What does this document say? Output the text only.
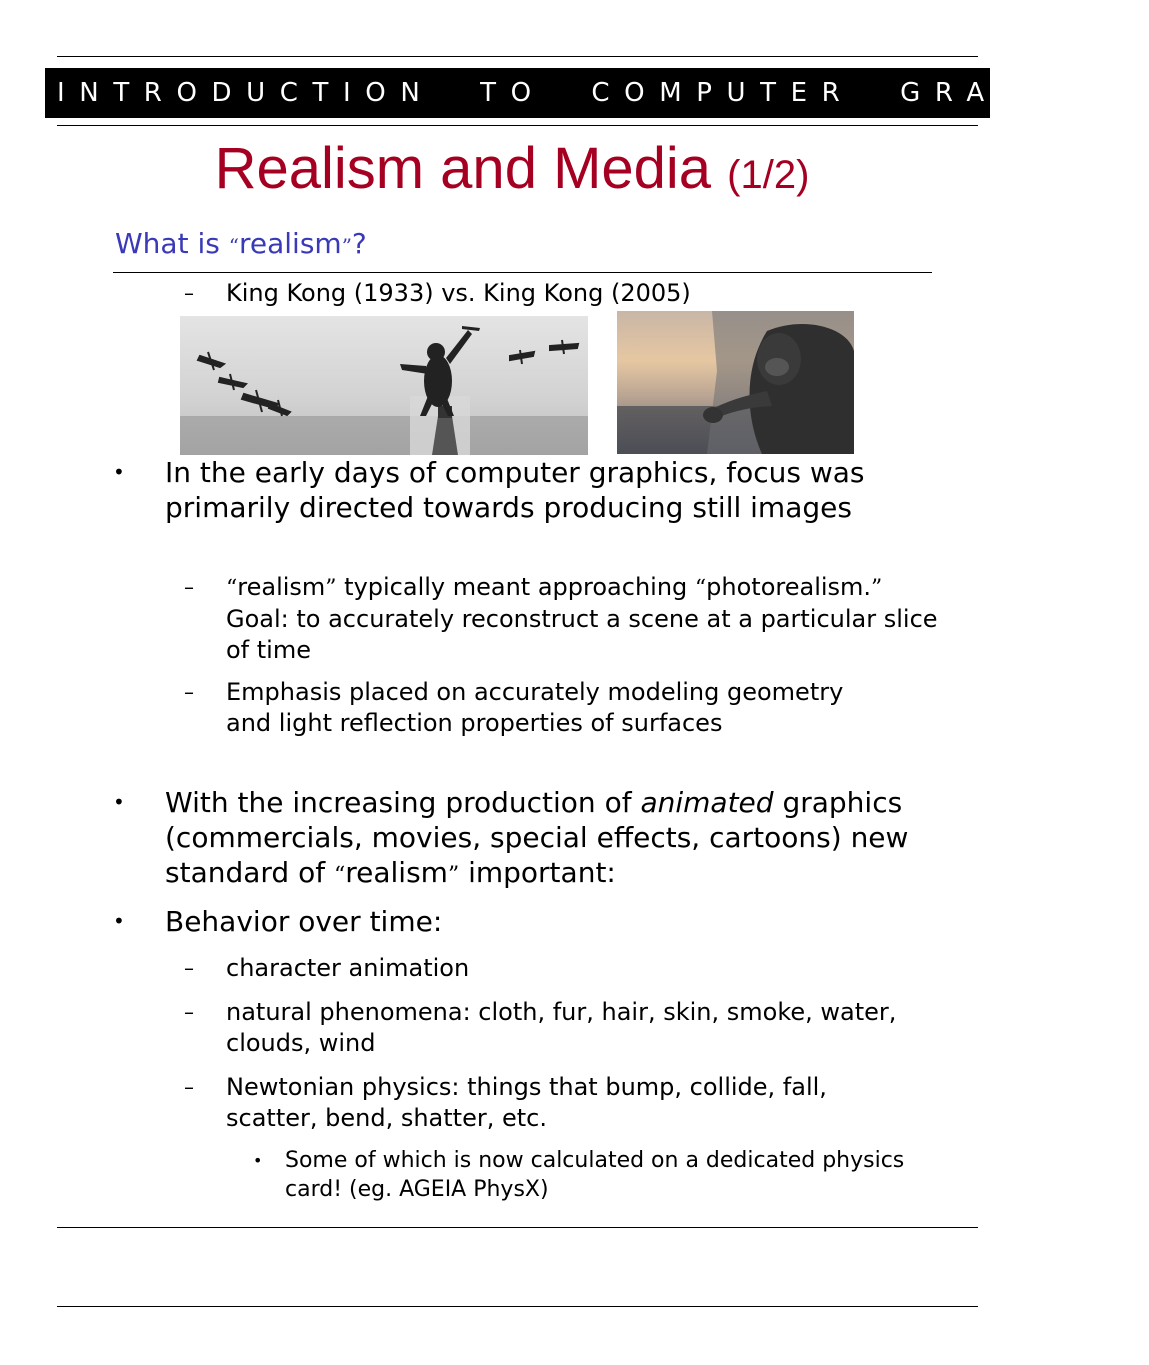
INTRODUCTION  TO  COMPUTER  GRAPHICS
Realism and Media (1/2)
What is “realism”?
– King Kong (1933) vs. King Kong (2005)
• In the early days of computer graphics, focus was primarily directed towards producing still images
– “realism” typically meant approaching “photorealism.” Goal: to accurately reconstruct a scene at a particular slice of time
– Emphasis placed on accurately modeling geometry and light reflection properties of surfaces
• With the increasing production of animated graphics (commercials, movies, special effects, cartoons) new standard of “realism” important:
• Behavior over time:
– character animation
– natural phenomena: cloth, fur, hair, skin, smoke, water, clouds, wind
– Newtonian physics: things that bump, collide, fall, scatter, bend, shatter, etc.
• Some of which is now calculated on a dedicated physics card! (eg. AGEIA PhysX)
